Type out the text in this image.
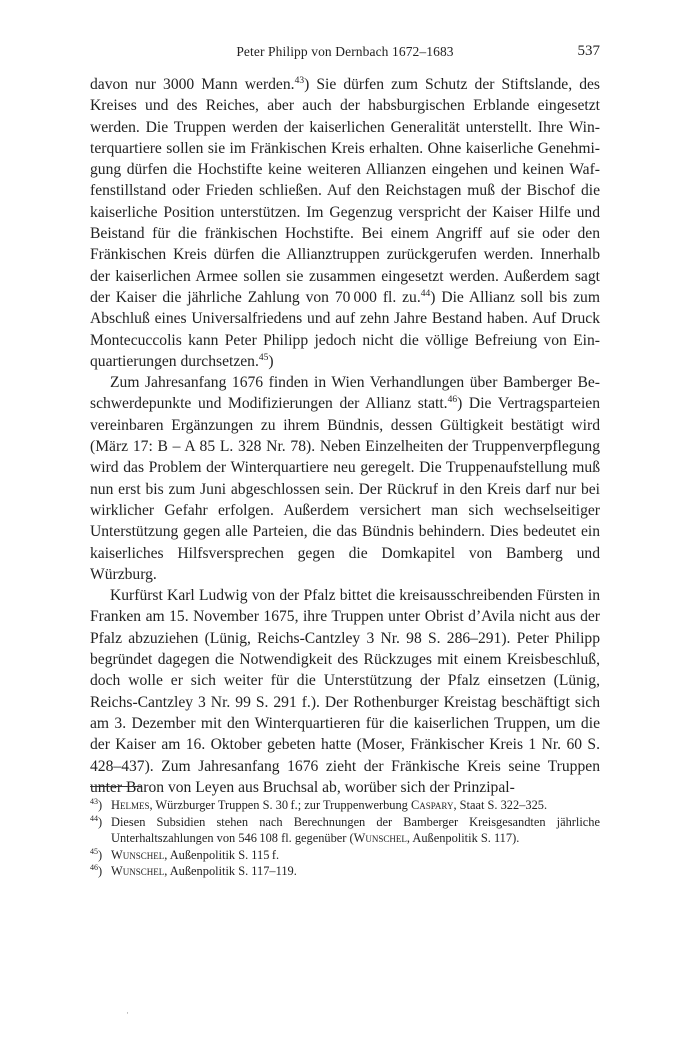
Peter Philipp von Dernbach 1672–1683	537

davon nur 3000 Mann werden.$^{43}$) Sie dürfen zum Schutz der Stiftslande, des Kreises und des Reiches, aber auch der habsburgischen Erblande eingesetzt werden. Die Truppen werden der kaiserlichen Generalität unterstellt. Ihre Winterquartiere sollen sie im Fränkischen Kreis erhalten. Ohne kaiserliche Genehmigung dürfen die Hochstifte keine weiteren Allianzen eingehen und keinen Waffenstillstand oder Frieden schließen. Auf den Reichstagen muß der Bischof die kaiserliche Position unterstützen. Im Gegenzug verspricht der Kaiser Hilfe und Beistand für die fränkischen Hochstifte. Bei einem Angriff auf sie oder den Fränkischen Kreis dürfen die Allianztruppen zurückgerufen werden. Innerhalb der kaiserlichen Armee sollen sie zusammen eingesetzt werden. Außerdem sagt der Kaiser die jährliche Zahlung von 70 000 fl. zu.$^{44}$) Die Allianz soll bis zum Abschluß eines Universalfriedens und auf zehn Jahre Bestand haben. Auf Druck Montecuccolis kann Peter Philipp jedoch nicht die völlige Befreiung von Einquartierungen durchsetzen.$^{45}$)

Zum Jahresanfang 1676 finden in Wien Verhandlungen über Bamberger Beschwerdepunkte und Modifizierungen der Allianz statt.$^{46}$) Die Vertragsparteien vereinbaren Ergänzungen zu ihrem Bündnis, dessen Gültigkeit bestätigt wird (März 17: B – A 85 L. 328 Nr. 78). Neben Einzelheiten der Truppenverpflegung wird das Problem der Winterquartiere neu geregelt. Die Truppenaufstellung muß nun erst bis zum Juni abgeschlossen sein. Der Rückruf in den Kreis darf nur bei wirklicher Gefahr erfolgen. Außerdem versichert man sich wechselseitiger Unterstützung gegen alle Parteien, die das Bündnis behindern. Dies bedeutet ein kaiserliches Hilfsversprechen gegen die Domkapitel von Bamberg und Würzburg.

Kurfürst Karl Ludwig von der Pfalz bittet die kreisausschreibenden Fürsten in Franken am 15. November 1675, ihre Truppen unter Obrist d’Avila nicht aus der Pfalz abzuziehen (Lünig, Reichs-Cantzley 3 Nr. 98 S. 286–291). Peter Philipp begründet dagegen die Notwendigkeit des Rückzuges mit einem Kreisbeschluß, doch wolle er sich weiter für die Unterstützung der Pfalz einsetzen (Lünig, Reichs-Cantzley 3 Nr. 99 S. 291 f.). Der Rothenburger Kreistag beschäftigt sich am 3. Dezember mit den Winterquartieren für die kaiserlichen Truppen, um die der Kaiser am 16. Oktober gebeten hatte (Moser, Fränkischer Kreis 1 Nr. 60 S. 428–437). Zum Jahresanfang 1676 zieht der Fränkische Kreis seine Truppen unter Baron von Leyen aus Bruchsal ab, worüber sich der Prinzipal-

$^{43}$) Helmes, Würzburger Truppen S. 30 f.; zur Truppenwerbung Caspary, Staat S. 322–325.

$^{44}$) Diesen Subsidien stehen nach Berechnungen der Bamberger Kreisgesandten jährliche Unterhaltszahlungen von 546 108 fl. gegenüber (Wunschel, Außenpolitik S. 117).

$^{45}$) Wunschel, Außenpolitik S. 115 f.

$^{46}$) Wunschel, Außenpolitik S. 117–119.

·
